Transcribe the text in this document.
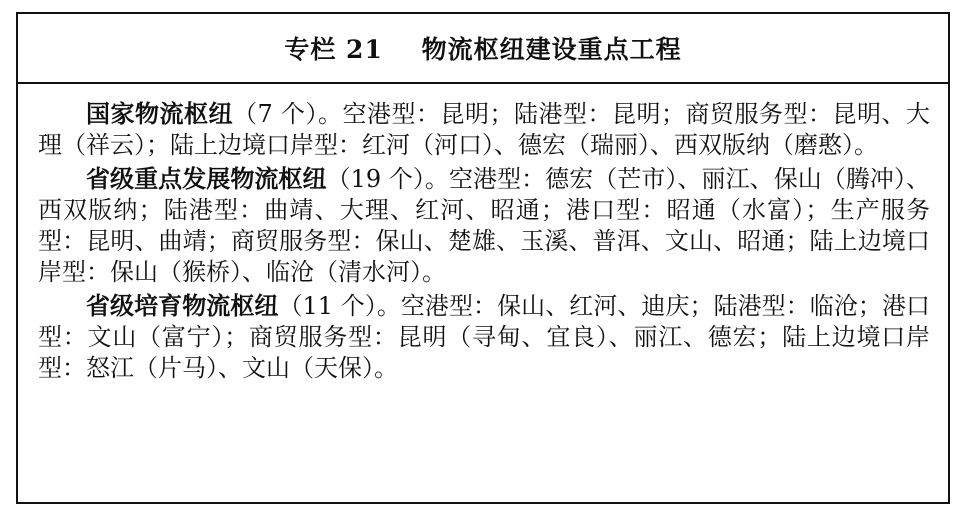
专栏 21    物流枢纽建设重点工程

国家物流枢纽（7 个）。空港型：昆明；陆港型：昆明；商贸服务型：昆明、大理（祥云）；陆上边境口岸型：红河（河口）、德宏（瑞丽）、西双版纳（磨憨）。

省级重点发展物流枢纽（19 个）。空港型：德宏（芒市）、丽江、保山（腾冲）、西双版纳；陆港型：曲靖、大理、红河、昭通；港口型：昭通（水富）；生产服务型：昆明、曲靖；商贸服务型：保山、楚雄、玉溪、普洱、文山、昭通；陆上边境口岸型：保山（猴桥）、临沧（清水河）。

省级培育物流枢纽（11 个）。空港型：保山、红河、迪庆；陆港型：临沧；港口型：文山（富宁）；商贸服务型：昆明（寻甸、宜良）、丽江、德宏；陆上边境口岸型：怒江（片马）、文山（天保）。
